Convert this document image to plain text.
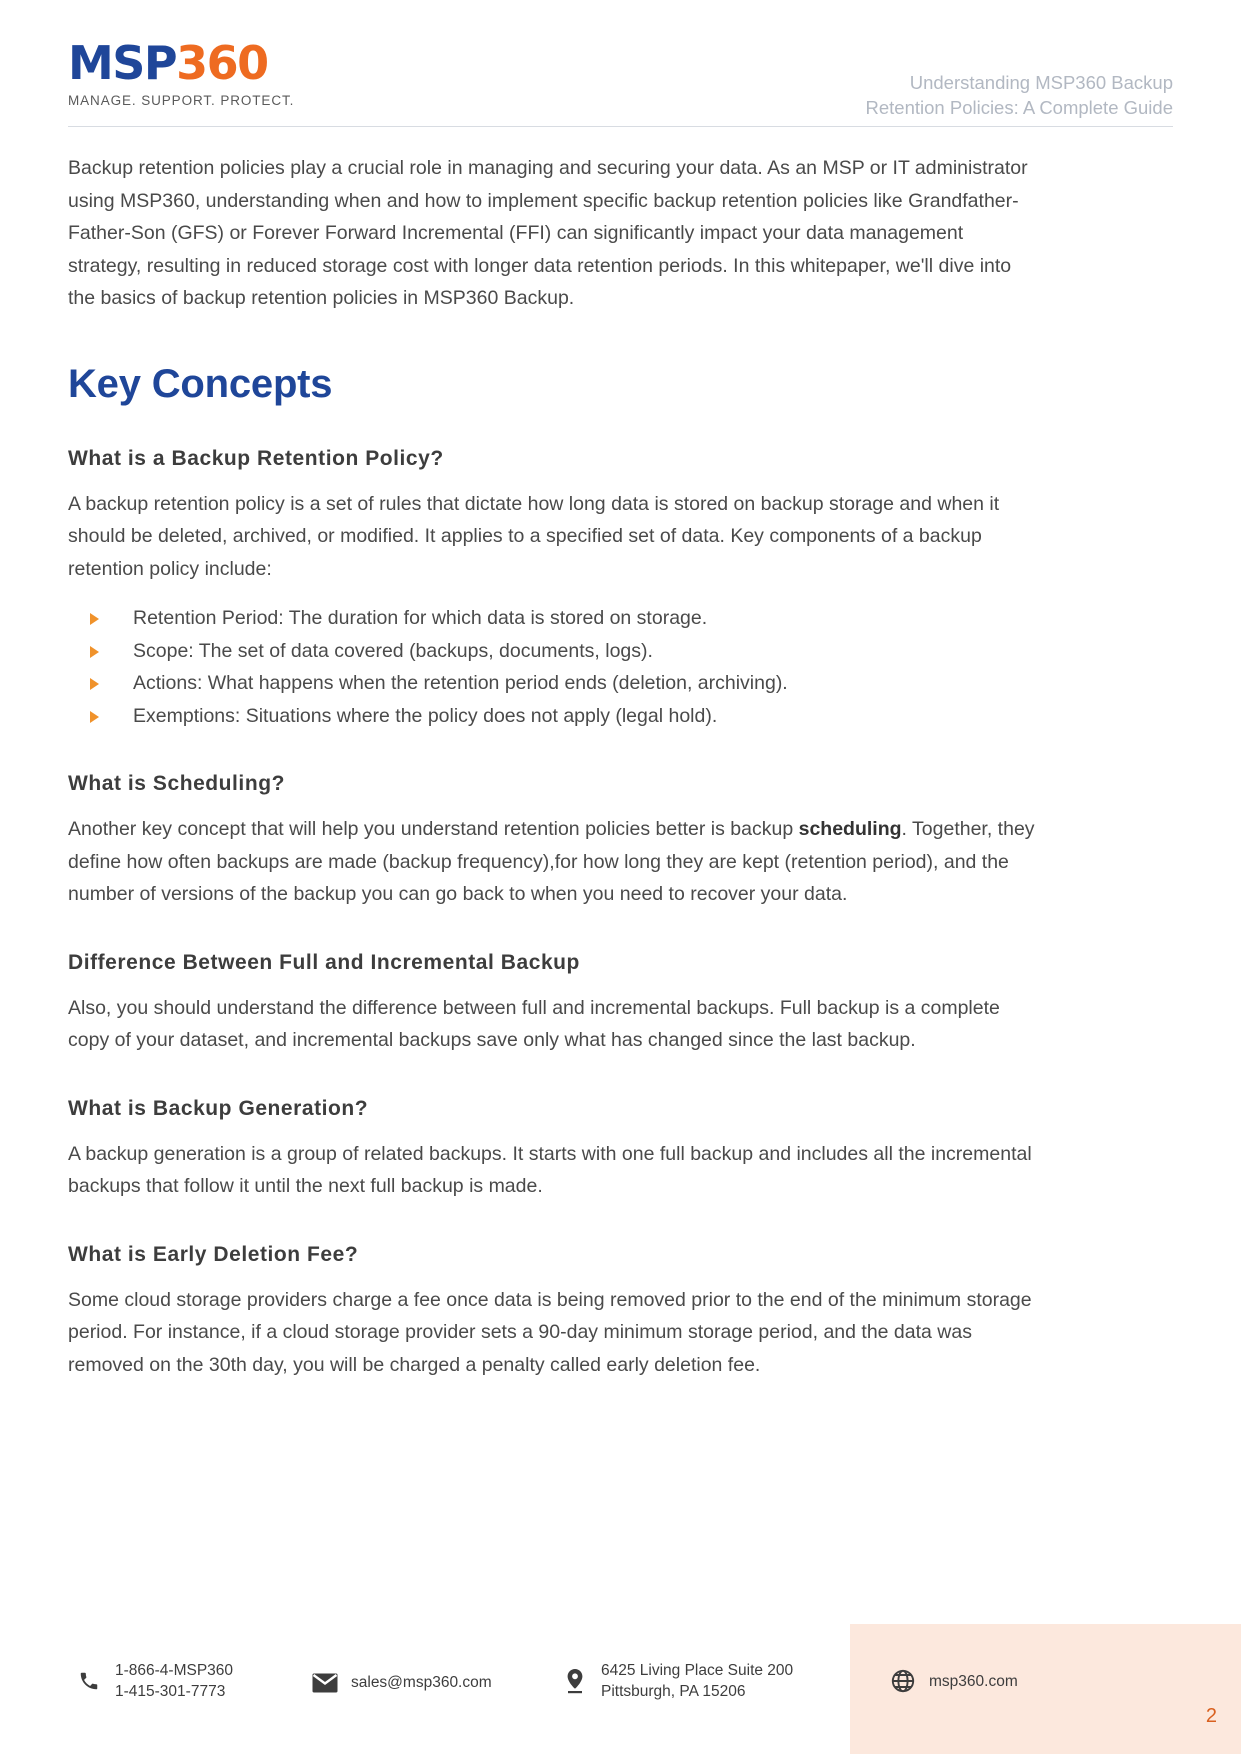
MSP360
MANAGE. SUPPORT. PROTECT.
Understanding MSP360 Backup
Retention Policies: A Complete Guide

Backup retention policies play a crucial role in managing and securing your data. As an MSP or IT administrator using MSP360, understanding when and how to implement specific backup retention policies like Grandfather-Father-Son (GFS) or Forever Forward Incremental (FFI) can significantly impact your data management strategy, resulting in reduced storage cost with longer data retention periods. In this whitepaper, we'll dive into the basics of backup retention policies in MSP360 Backup.

Key Concepts
What is a Backup Retention Policy?

A backup retention policy is a set of rules that dictate how long data is stored on backup storage and when it should be deleted, archived, or modified. It applies to a specified set of data. Key components of a backup retention policy include:

Retention Period: The duration for which data is stored on storage.
Scope: The set of data covered (backups, documents, logs).
Actions: What happens when the retention period ends (deletion, archiving).
Exemptions: Situations where the policy does not apply (legal hold).
What is Scheduling?

Another key concept that will help you understand retention policies better is backup scheduling. Together, they define how often backups are made (backup frequency),for how long they are kept (retention period), and the number of versions of the backup you can go back to when you need to recover your data.

Difference Between Full and Incremental Backup

Also, you should understand the difference between full and incremental backups. Full backup is a complete copy of your dataset, and incremental backups save only what has changed since the last backup.

What is Backup Generation?

A backup generation is a group of related backups. It starts with one full backup and includes all the incremental backups that follow it until the next full backup is made.

What is Early Deletion Fee?

Some cloud storage providers charge a fee once data is being removed prior to the end of the minimum storage period. For instance, if a cloud storage provider sets a 90-day minimum storage period, and the data was removed on the 30th day, you will be charged a penalty called early deletion fee.

1-866-4-MSP360
1-415-301-7773
sales@msp360.com
6425 Living Place Suite 200
Pittsburgh, PA 15206
msp360.com
2
